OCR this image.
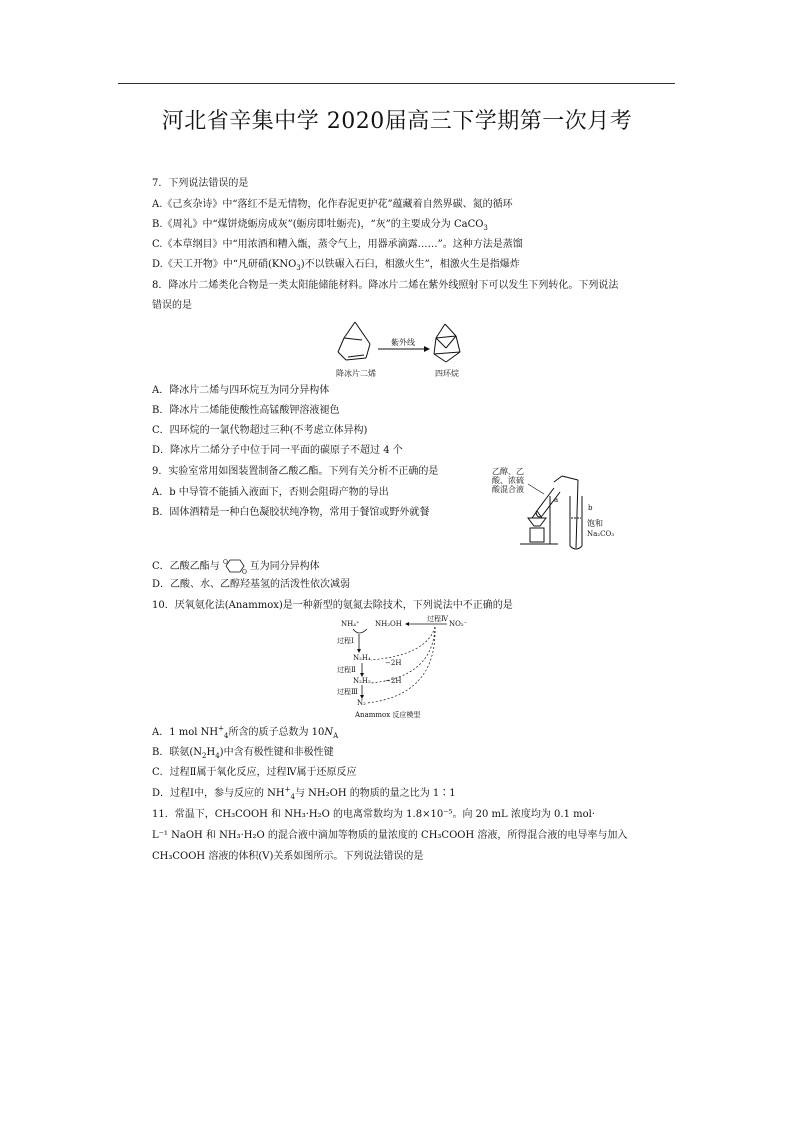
河北省辛集中学 2020届高三下学期第一次月考
7．下列说法错误的是
A.《己亥杂诗》中“落红不是无情物，化作春泥更护花”蕴藏着自然界碳、氮的循环
B.《周礼》中“煤饼烧蛎房成灰”(蛎房即牡蛎壳)，“灰”的主要成分为 CaCO$_3$
C.《本草纲目》中“用浓酒和糟入甑，蒸令气上，用器承滴露……”。这种方法是蒸馏
D.《天工开物》中“凡研硝$(KNO_3)$不以铁碾入石臼，相激火生”，相激火生是指爆炸
8．降冰片二烯类化合物是一类太阳能储能材料。降冰片二烯在紫外线照射下可以发生下列转化。下列说法
错误的是
紫外线
降冰片二烯	四环烷
A．降冰片二烯与四环烷互为同分异构体
B．降冰片二烯能使酸性高锰酸钾溶液褪色
C．四环烷的一氯代物超过三种(不考虑立体异构)
D．降冰片二烯分子中位于同一平面的碳原子不超过 4 个
9．实验室常用如图装置制备乙酸乙酯。下列有关分析不正确的是
A．b 中导管不能插入液面下，否则会阻碍产物的导出
B．固体酒精是一种白色凝胶状纯净物，常用于餐馆或野外就餐
乙醇、乙
酸、浓硫
酸混合液
a
b
饱和
Na₂CO₃
C．乙酸乙酯与 O
O
互为同分异构体
D．乙酸、水、乙醇羟基氢的活泼性依次减弱
10．厌氧氨化法(Anammox)是一种新型的氨氮去除技术，下列说法中不正确的是
NH₄⁺ NH₂OH	NO₂⁻
过程Ⅳ
过程Ⅰ
N₂H₄
过程Ⅱ
−2H
N₂H₂
过程Ⅲ
−2H
N₂
Anammox 反应模型
A．1 mol $NH^+_4$所含的质子总数为 $10N_A$
B．联氨$(N_2H_4)$中含有极性键和非极性键
C．过程Ⅱ属于氧化反应，过程Ⅳ属于还原反应
D．过程Ⅰ中，参与反应的 $NH^+_4$与 NH₂OH 的物质的量之比为 1∶1
11．常温下，CH₃COOH 和 NH₃·H₂O 的电离常数均为 1.8×10⁻⁵。向 20 mL 浓度均为 0.1 mol·
L⁻¹ NaOH 和 NH₃·H₂O 的混合液中滴加等物质的量浓度的 CH₃COOH 溶液，所得混合液的电导率与加入
CH₃COOH 溶液的体积(V)关系如图所示。下列说法错误的是
